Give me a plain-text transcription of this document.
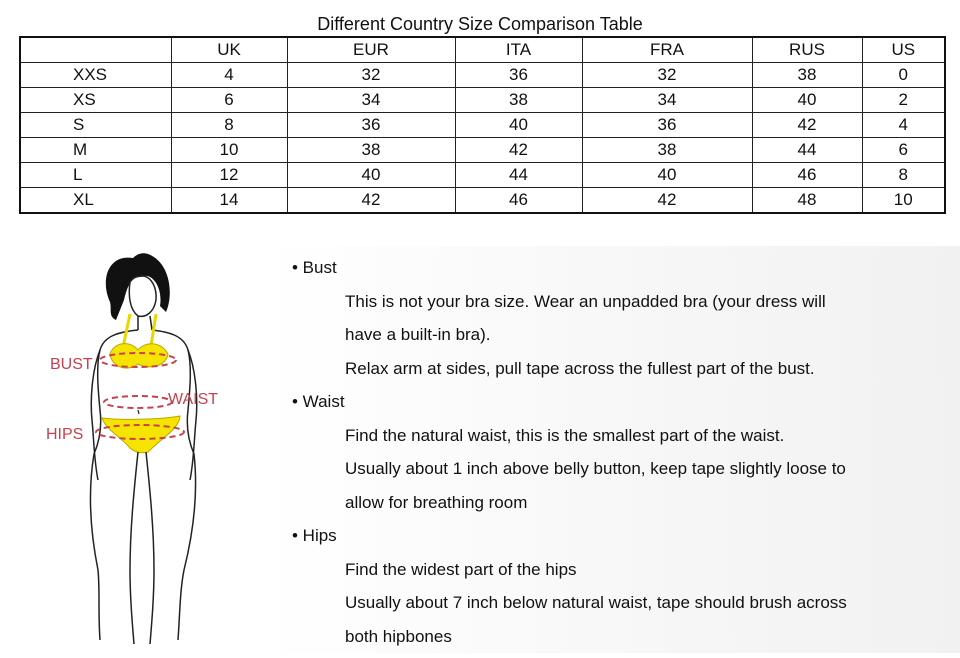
Different Country Size Comparison Table
	UK	EUR	ITA	FRA	RUS	US
XXS	4	32	36	32	38	0
XS	6	34	38	34	40	2
S	8	36	40	36	42	4
M	10	38	42	38	44	6
L	12	40	44	40	46	8
XL	14	42	46	42	48	10
BUST
WAIST
HIPS
• Bust
This is not your bra size. Wear an unpadded bra (your dress will
have a built-in bra).
Relax arm at sides, pull tape across the fullest part of the bust.
• Waist
Find the natural waist, this is the smallest part of the waist.
Usually about 1 inch above belly button, keep tape slightly loose to
allow for breathing room
• Hips
Find the widest part of the hips
Usually about 7 inch below natural waist, tape should brush across
both hipbones
